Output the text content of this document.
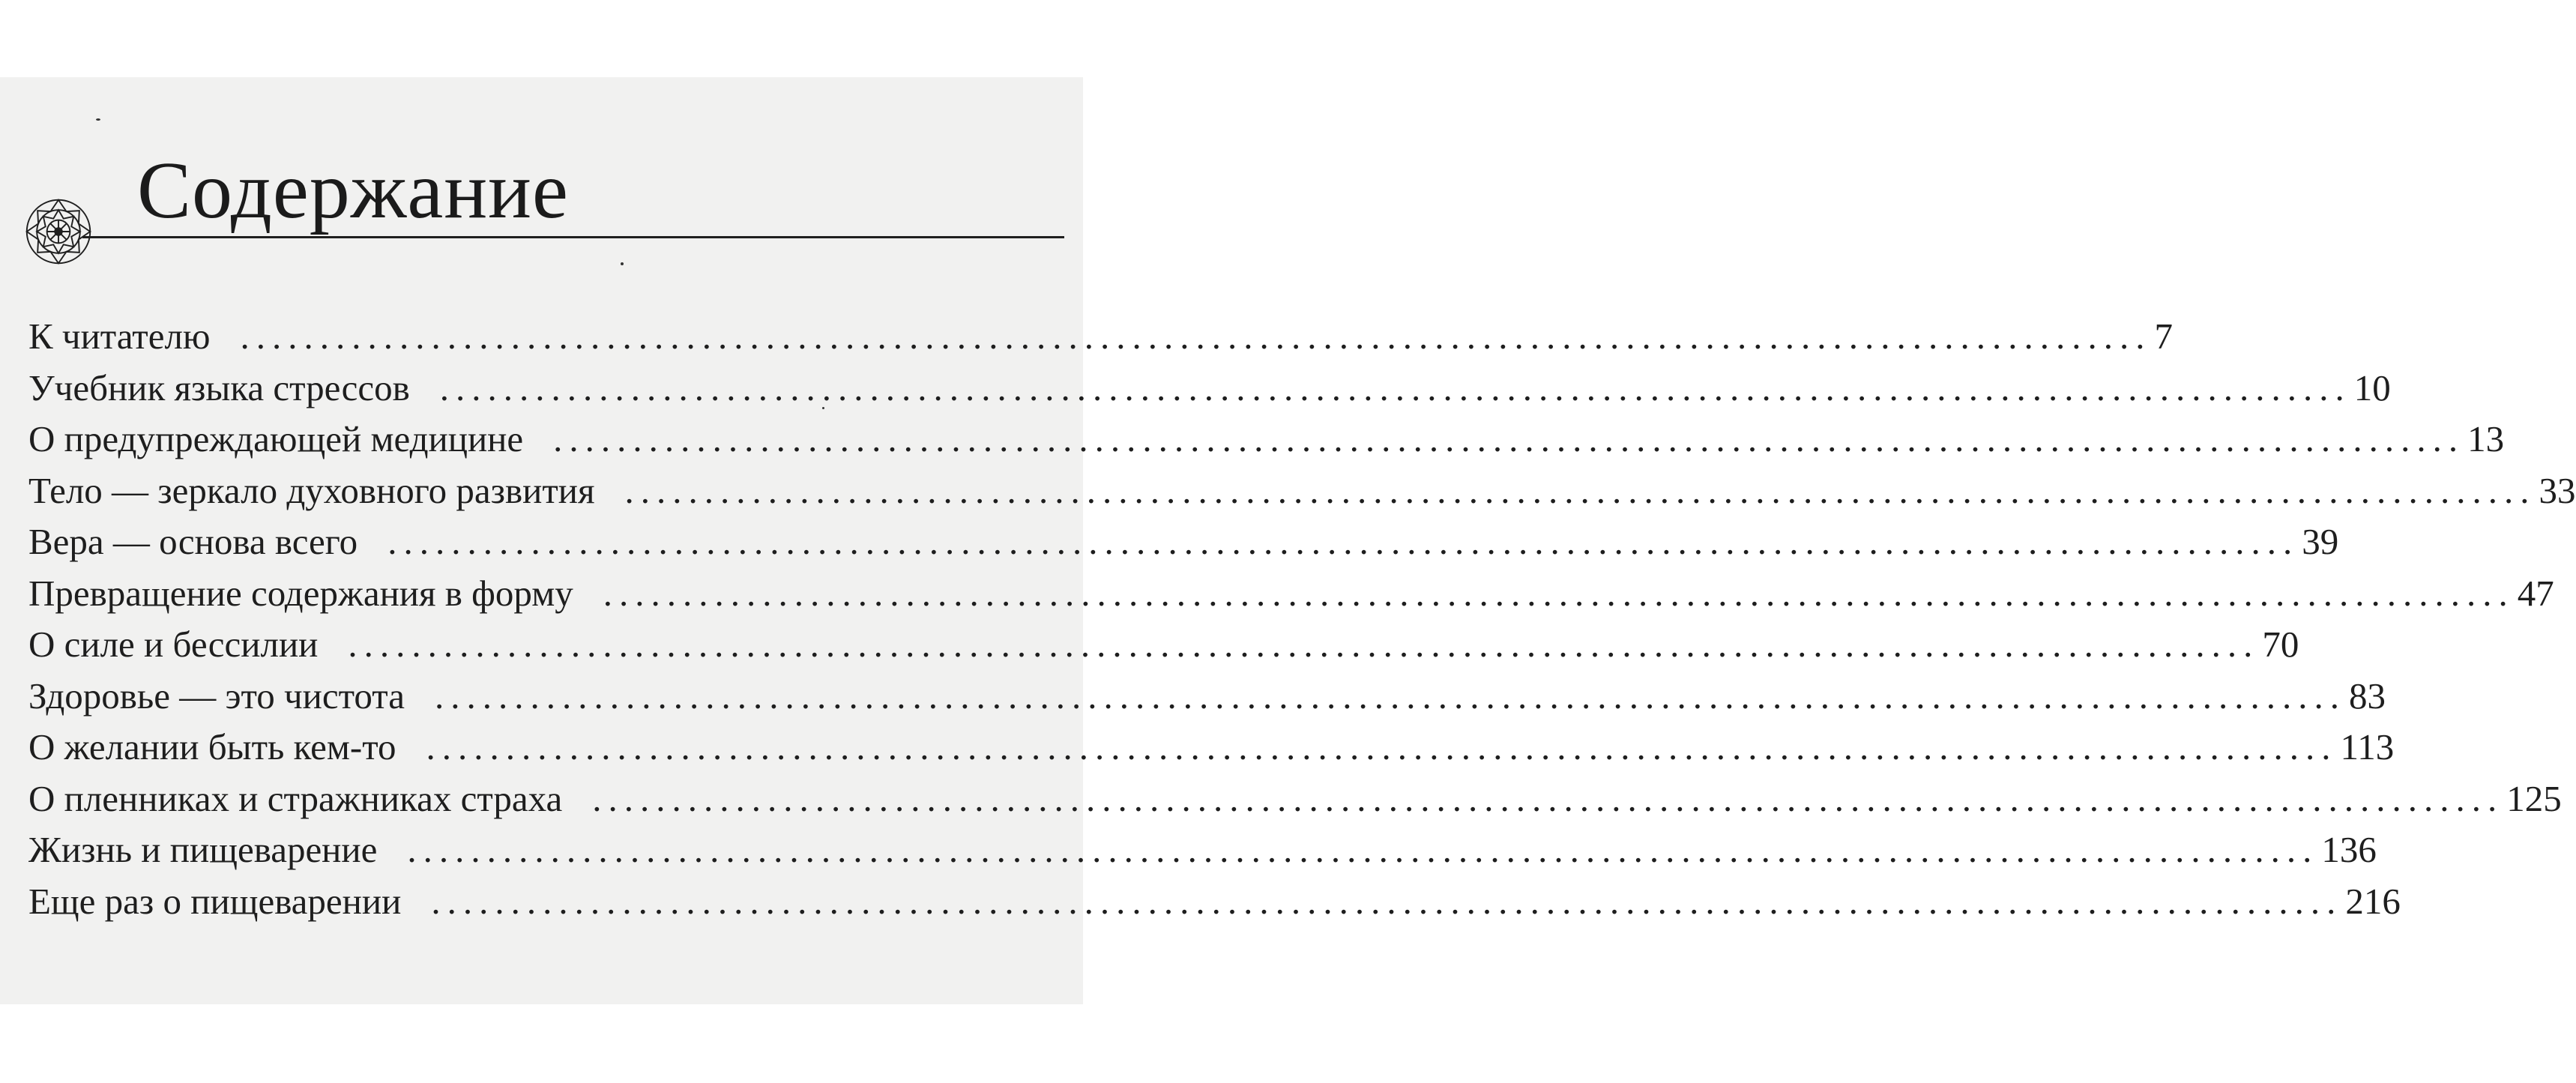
Содержание
К читателю ........................................................................................................................ 7
Учебник языка стрессов ........................................................................................................................ 10
О предупреждающей медицине ........................................................................................................................ 13
Тело — зеркало духовного развития ........................................................................................................................ 33
Вера — основа всего ........................................................................................................................ 39
Превращение содержания в форму ........................................................................................................................ 47
О силе и бессилии ........................................................................................................................ 70
Здоровье — это чистота ........................................................................................................................ 83
О желании быть кем-то ........................................................................................................................ 113
О пленниках и стражниках страха ........................................................................................................................ 125
Жизнь и пищеварение ........................................................................................................................ 136
Еще раз о пищеварении ........................................................................................................................ 216
